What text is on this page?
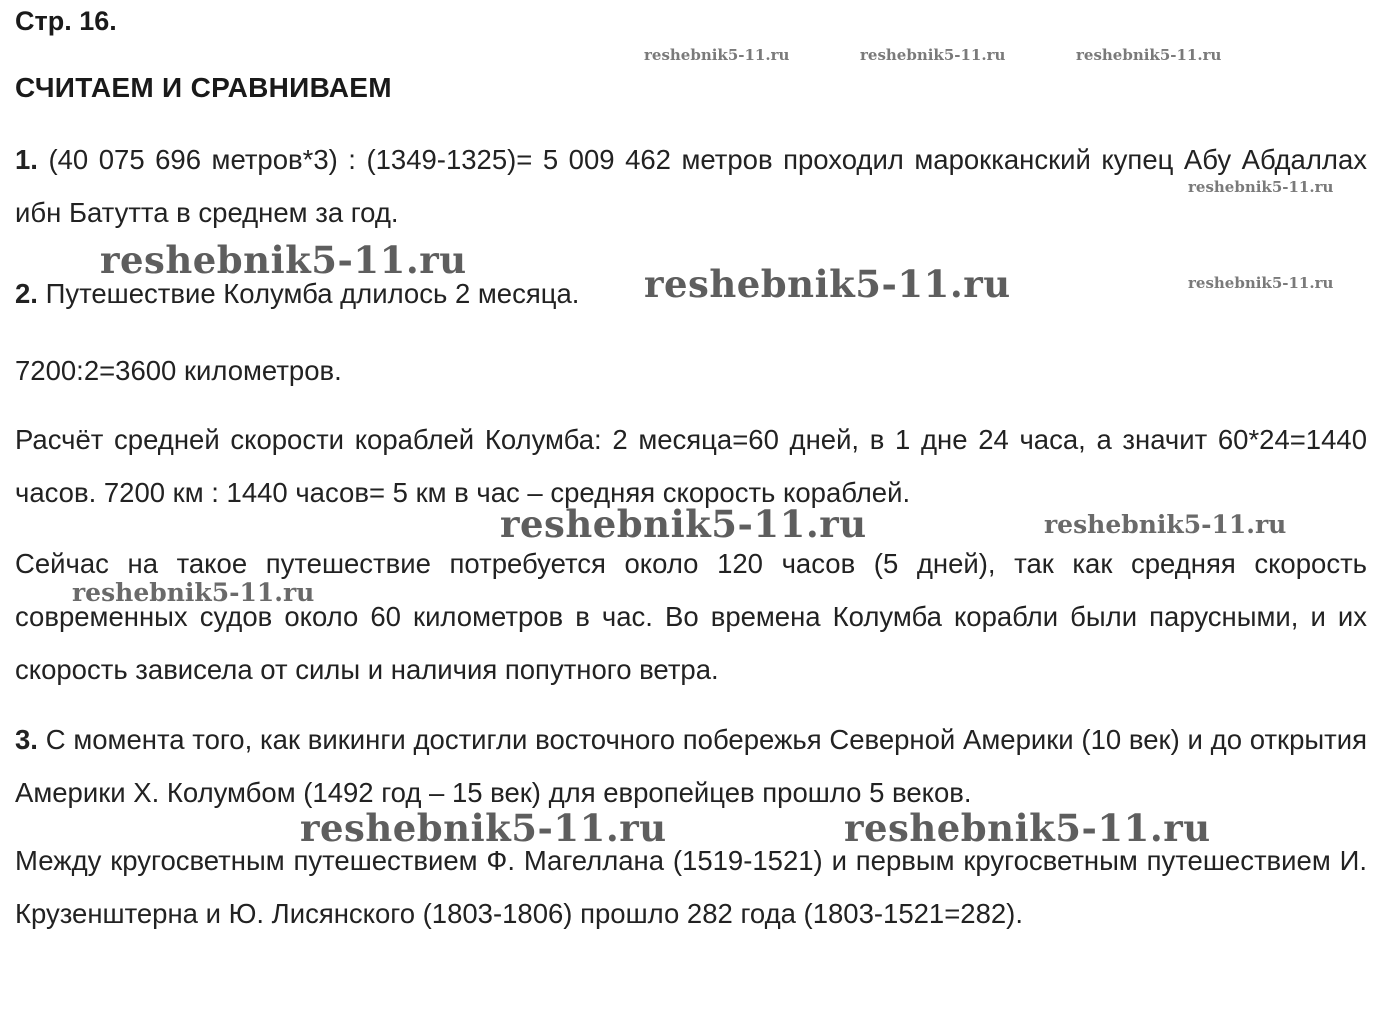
Стр. 16.
СЧИТАЕМ И СРАВНИВАЕМ

1. (40 075 696 метров*3) : (1349-1325)= 5 009 462 метров проходил марокканский купец Абу Абдаллах ибн Батутта в среднем за год.

2. Путешествие Колумба длилось 2 месяца.

7200:2=3600 километров.

Расчёт средней скорости кораблей Колумба: 2 месяца=60 дней, в 1 дне 24 часа, а значит 60*24=1440 часов. 7200 км : 1440 часов= 5 км в час – средняя скорость кораблей.

Сейчас на такое путешествие потребуется около 120 часов (5 дней), так как средняя скорость современных судов около 60 километров в час. Во времена Колумба корабли были парусными, и их скорость зависела от силы и наличия попутного ветра.

3. С момента того, как викинги достигли восточного побережья Северной Америки (10 век) и до открытия Америки Х. Колумбом (1492 год – 15 век) для европейцев прошло 5 веков.

Между кругосветным путешествием Ф. Магеллана (1519-1521) и первым кругосветным путешествием И. Крузенштерна и Ю. Лисянского (1803-1806) прошло 282 года (1803-1521=282).

reshebnik5-11.ru	reshebnik5-11.ru	reshebnik5-11.ru
reshebnik5-11.ru
reshebnik5-11.ru
reshebnik5-11.ru	reshebnik5-11.ru
reshebnik5-11.ru	reshebnik5-11.ru
reshebnik5-11.ru
reshebnik5-11.ru	reshebnik5-11.ru
